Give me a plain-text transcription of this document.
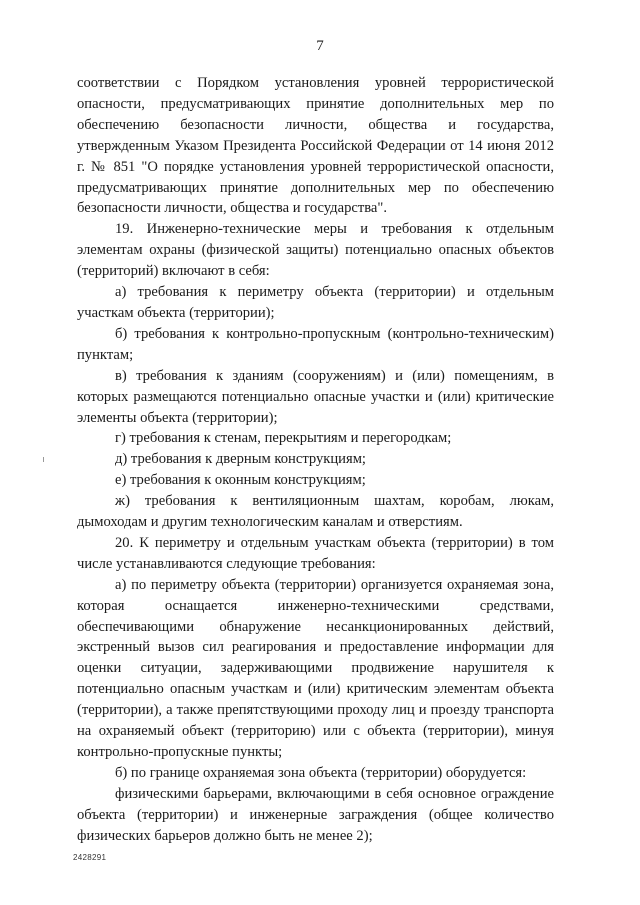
7

соответствии с Порядком установления уровней террористической опасности, предусматривающих принятие дополнительных мер по обеспечению безопасности личности, общества и государства, утвержденным Указом Президента Российской Федерации от 14 июня 2012 г. № 851 "О порядке установления уровней террористической опасности, предусматривающих принятие дополнительных мер по обеспечению безопасности личности, общества и государства".

19. Инженерно-технические меры и требования к отдельным элементам охраны (физической защиты) потенциально опасных объектов (территорий) включают в себя:

а) требования к периметру объекта (территории) и отдельным участкам объекта (территории);

б) требования к контрольно-пропускным (контрольно-техническим) пунктам;

в) требования к зданиям (сооружениям) и (или) помещениям, в которых размещаются потенциально опасные участки и (или) критические элементы объекта (территории);

г) требования к стенам, перекрытиям и перегородкам;

д) требования к дверным конструкциям;

е) требования к оконным конструкциям;

ж) требования к вентиляционным шахтам, коробам, люкам, дымоходам и другим технологическим каналам и отверстиям.

20. К периметру и отдельным участкам объекта (территории) в том числе устанавливаются следующие требования:

а) по периметру объекта (территории) организуется охраняемая зона, которая оснащается инженерно-техническими средствами, обеспечивающими обнаружение несанкционированных действий, экстренный вызов сил реагирования и предоставление информации для оценки ситуации, задерживающими продвижение нарушителя к потенциально опасным участкам и (или) критическим элементам объекта (территории), а также препятствующими проходу лиц и проезду транспорта на охраняемый объект (территорию) или с объекта (территории), минуя контрольно-пропускные пункты;

б) по границе охраняемая зона объекта (территории) оборудуется:

физическими барьерами, включающими в себя основное ограждение объекта (территории) и инженерные заграждения (общее количество физических барьеров должно быть не менее 2);

2428291
